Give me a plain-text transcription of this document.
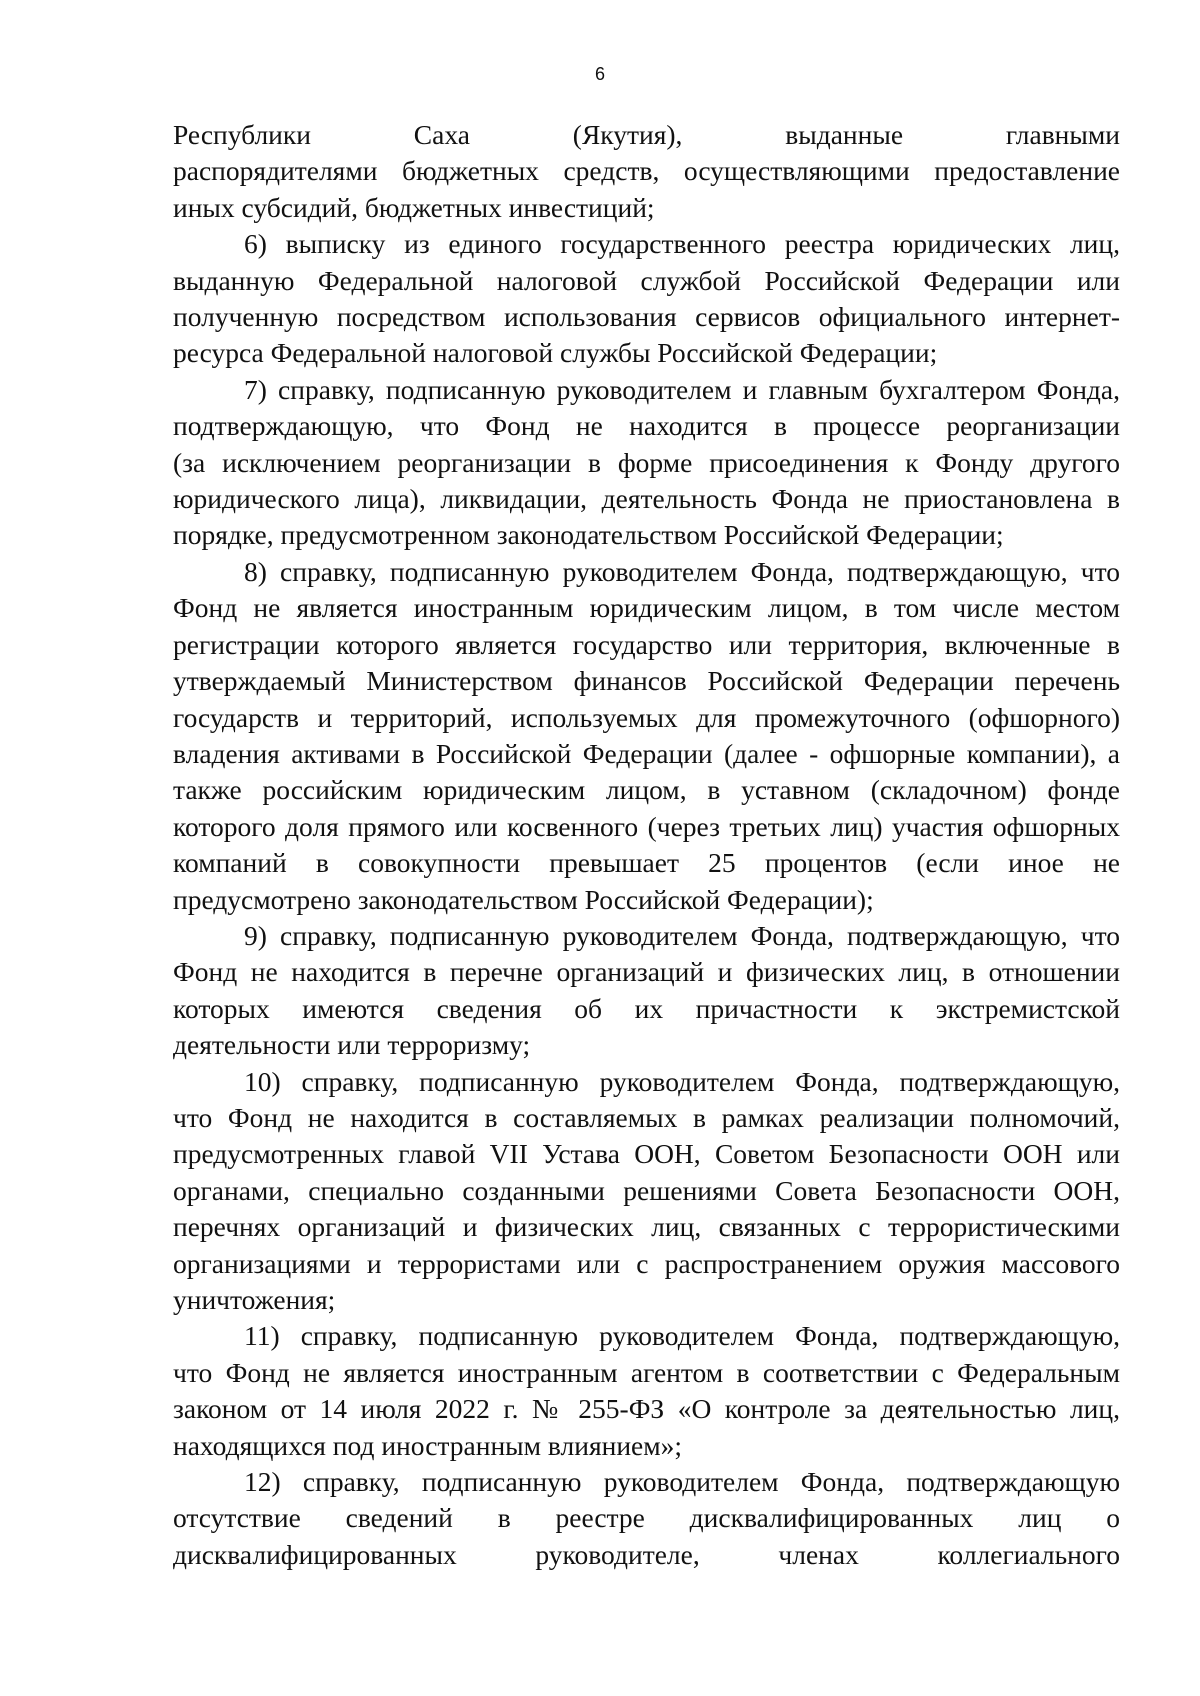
6
Республики Саха (Якутия), выданные главными
распорядителями бюджетных средств, осуществляющими предоставление
иных субсидий, бюджетных инвестиций;
6) выписку из единого государственного реестра юридических лиц,
выданную Федеральной налоговой службой Российской Федерации или
полученную посредством использования сервисов официального интернет-
ресурса Федеральной налоговой службы Российской Федерации;
7) справку, подписанную руководителем и главным бухгалтером Фонда,
подтверждающую, что Фонд не находится в процессе реорганизации
(за исключением реорганизации в форме присоединения к Фонду другого
юридического лица), ликвидации, деятельность Фонда не приостановлена в
порядке, предусмотренном законодательством Российской Федерации;
8) справку, подписанную руководителем Фонда, подтверждающую, что
Фонд не является иностранным юридическим лицом, в том числе местом
регистрации которого является государство или территория, включенные в
утверждаемый Министерством финансов Российской Федерации перечень
государств и территорий, используемых для промежуточного (офшорного)
владения активами в Российской Федерации (далее - офшорные компании), а
также российским юридическим лицом, в уставном (складочном) фонде
которого доля прямого или косвенного (через третьих лиц) участия офшорных
компаний в совокупности превышает 25 процентов (если иное не
предусмотрено законодательством Российской Федерации);
9) справку, подписанную руководителем Фонда, подтверждающую, что
Фонд не находится в перечне организаций и физических лиц, в отношении
которых имеются сведения об их причастности к экстремистской
деятельности или терроризму;
10) справку, подписанную руководителем Фонда, подтверждающую,
что Фонд не находится в составляемых в рамках реализации полномочий,
предусмотренных главой VII Устава ООН, Советом Безопасности ООН или
органами, специально созданными решениями Совета Безопасности ООН,
перечнях организаций и физических лиц, связанных с террористическими
организациями и террористами или с распространением оружия массового
уничтожения;
11) справку, подписанную руководителем Фонда, подтверждающую,
что Фонд не является иностранным агентом в соответствии с Федеральным
законом от 14 июля 2022 г. № 255-ФЗ «О контроле за деятельностью лиц,
находящихся под иностранным влиянием»;
12) справку, подписанную руководителем Фонда, подтверждающую
отсутствие сведений в реестре дисквалифицированных лиц о
дисквалифицированных руководителе, членах коллегиального
